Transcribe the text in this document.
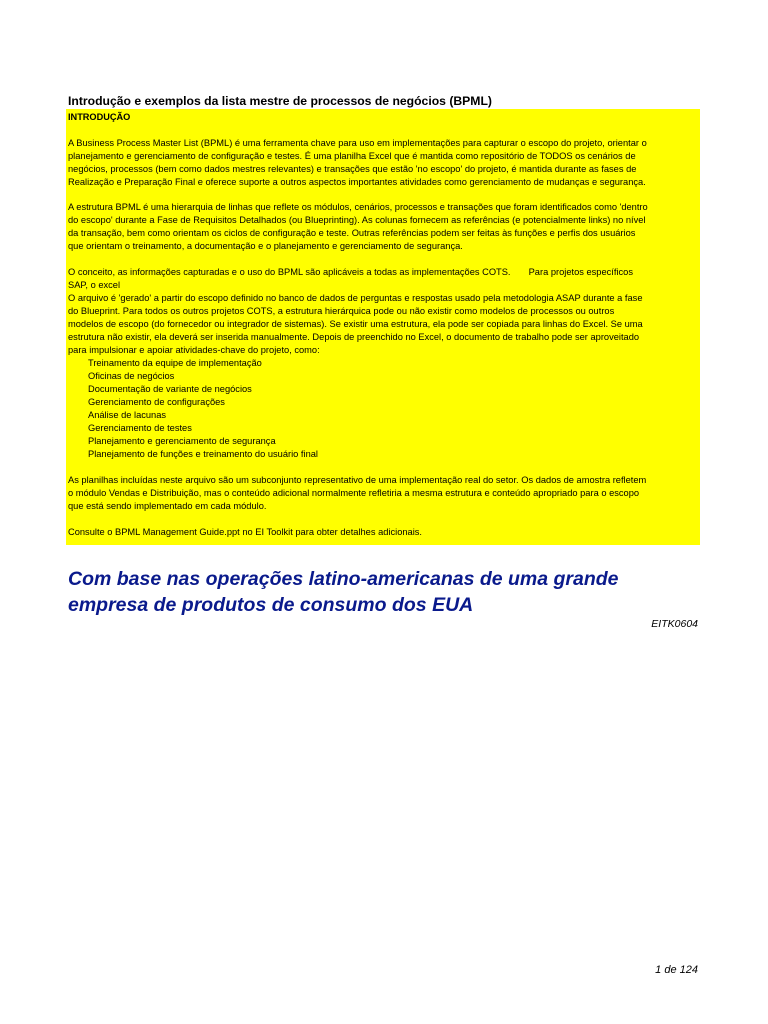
Introdução e exemplos da lista mestre de processos de negócios (BPML)
INTRODUÇÃO
A Business Process Master List (BPML) é uma ferramenta chave para uso em implementações para capturar o escopo do projeto, orientar o
planejamento e gerenciamento de configuração e testes. É uma planilha Excel que é mantida como repositório de TODOS os cenários de
negócios, processos (bem como dados mestres relevantes) e transações que estão 'no escopo' do projeto, é mantida durante as fases de
Realização e Preparação Final e oferece suporte a outros aspectos importantes atividades como gerenciamento de mudanças e segurança.
A estrutura BPML é uma hierarquia de linhas que reflete os módulos, cenários, processos e transações que foram identificados como 'dentro
do escopo' durante a Fase de Requisitos Detalhados (ou Blueprinting). As colunas fornecem as referências (e potencialmente links) no nível
da transação, bem como orientam os ciclos de configuração e teste. Outras referências podem ser feitas às funções e perfis dos usuários
que orientam o treinamento, a documentação e o planejamento e gerenciamento de segurança.
O conceito, as informações capturadas e o uso do BPML são aplicáveis a todas as implementações COTS.       Para projetos específicos
SAP, o excel
O arquivo é 'gerado' a partir do escopo definido no banco de dados de perguntas e respostas usado pela metodologia ASAP durante a fase
do Blueprint. Para todos os outros projetos COTS, a estrutura hierárquica pode ou não existir como modelos de processos ou outros
modelos de escopo (do fornecedor ou integrador de sistemas). Se existir uma estrutura, ela pode ser copiada para linhas do Excel. Se uma
estrutura não existir, ela deverá ser inserida manualmente. Depois de preenchido no Excel, o documento de trabalho pode ser aproveitado
para impulsionar e apoiar atividades-chave do projeto, como:
Treinamento da equipe de implementação
Oficinas de negócios
Documentação de variante de negócios
Gerenciamento de configurações
Análise de lacunas
Gerenciamento de testes
Planejamento e gerenciamento de segurança
Planejamento de funções e treinamento do usuário final
As planilhas incluídas neste arquivo são um subconjunto representativo de uma implementação real do setor. Os dados de amostra refletem
o módulo Vendas e Distribuição, mas o conteúdo adicional normalmente refletiria a mesma estrutura e conteúdo apropriado para o escopo
que está sendo implementado em cada módulo.
Consulte o BPML Management Guide.ppt no EI Toolkit para obter detalhes adicionais.
Com base nas operações latino-americanas de uma grande
empresa de produtos de consumo dos EUA
EITK0604
1 de 124
